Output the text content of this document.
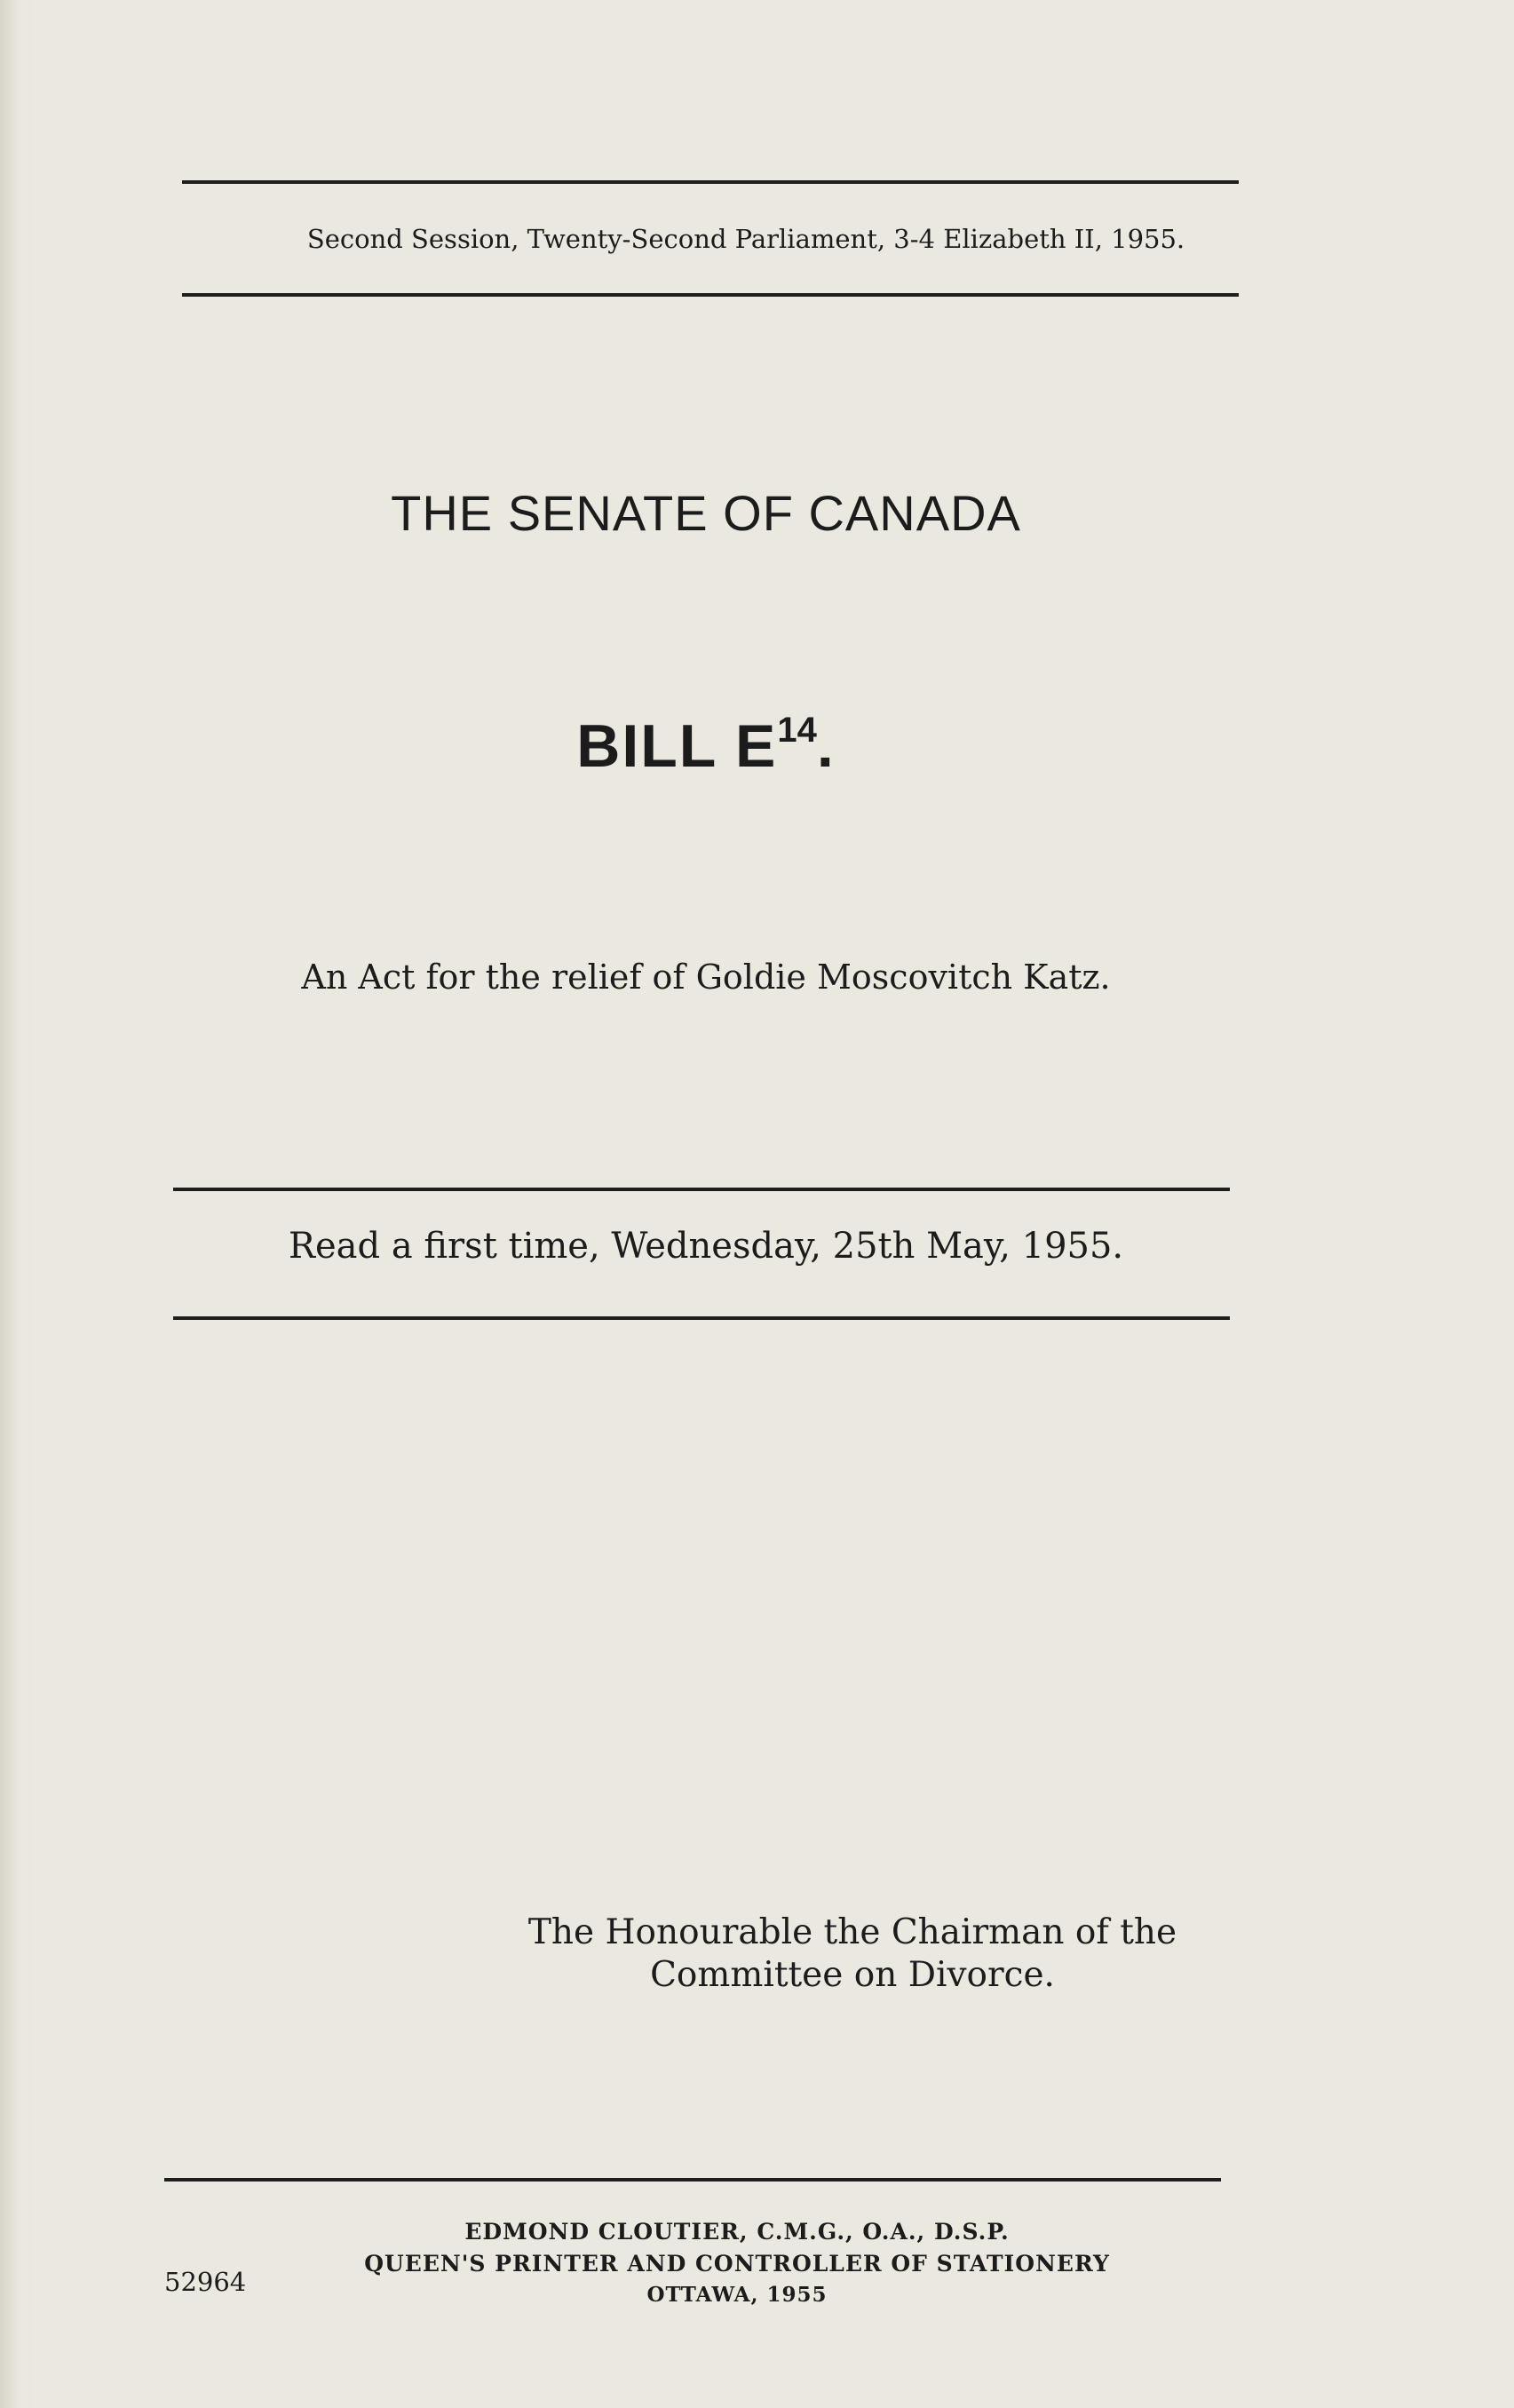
Second Session, Twenty-Second Parliament, 3-4 Elizabeth II, 1955.
THE SENATE OF CANADA
BILL $E^{14}$.
An Act for the relief of Goldie Moscovitch Katz.
Read a first time, Wednesday, 25th May, 1955.
The Honourable the Chairman of the
Committee on Divorce.
EDMOND CLOUTIER, C.M.G., O.A., D.S.P.
QUEEN'S PRINTER AND CONTROLLER OF STATIONERY
OTTAWA, 1955
52964
